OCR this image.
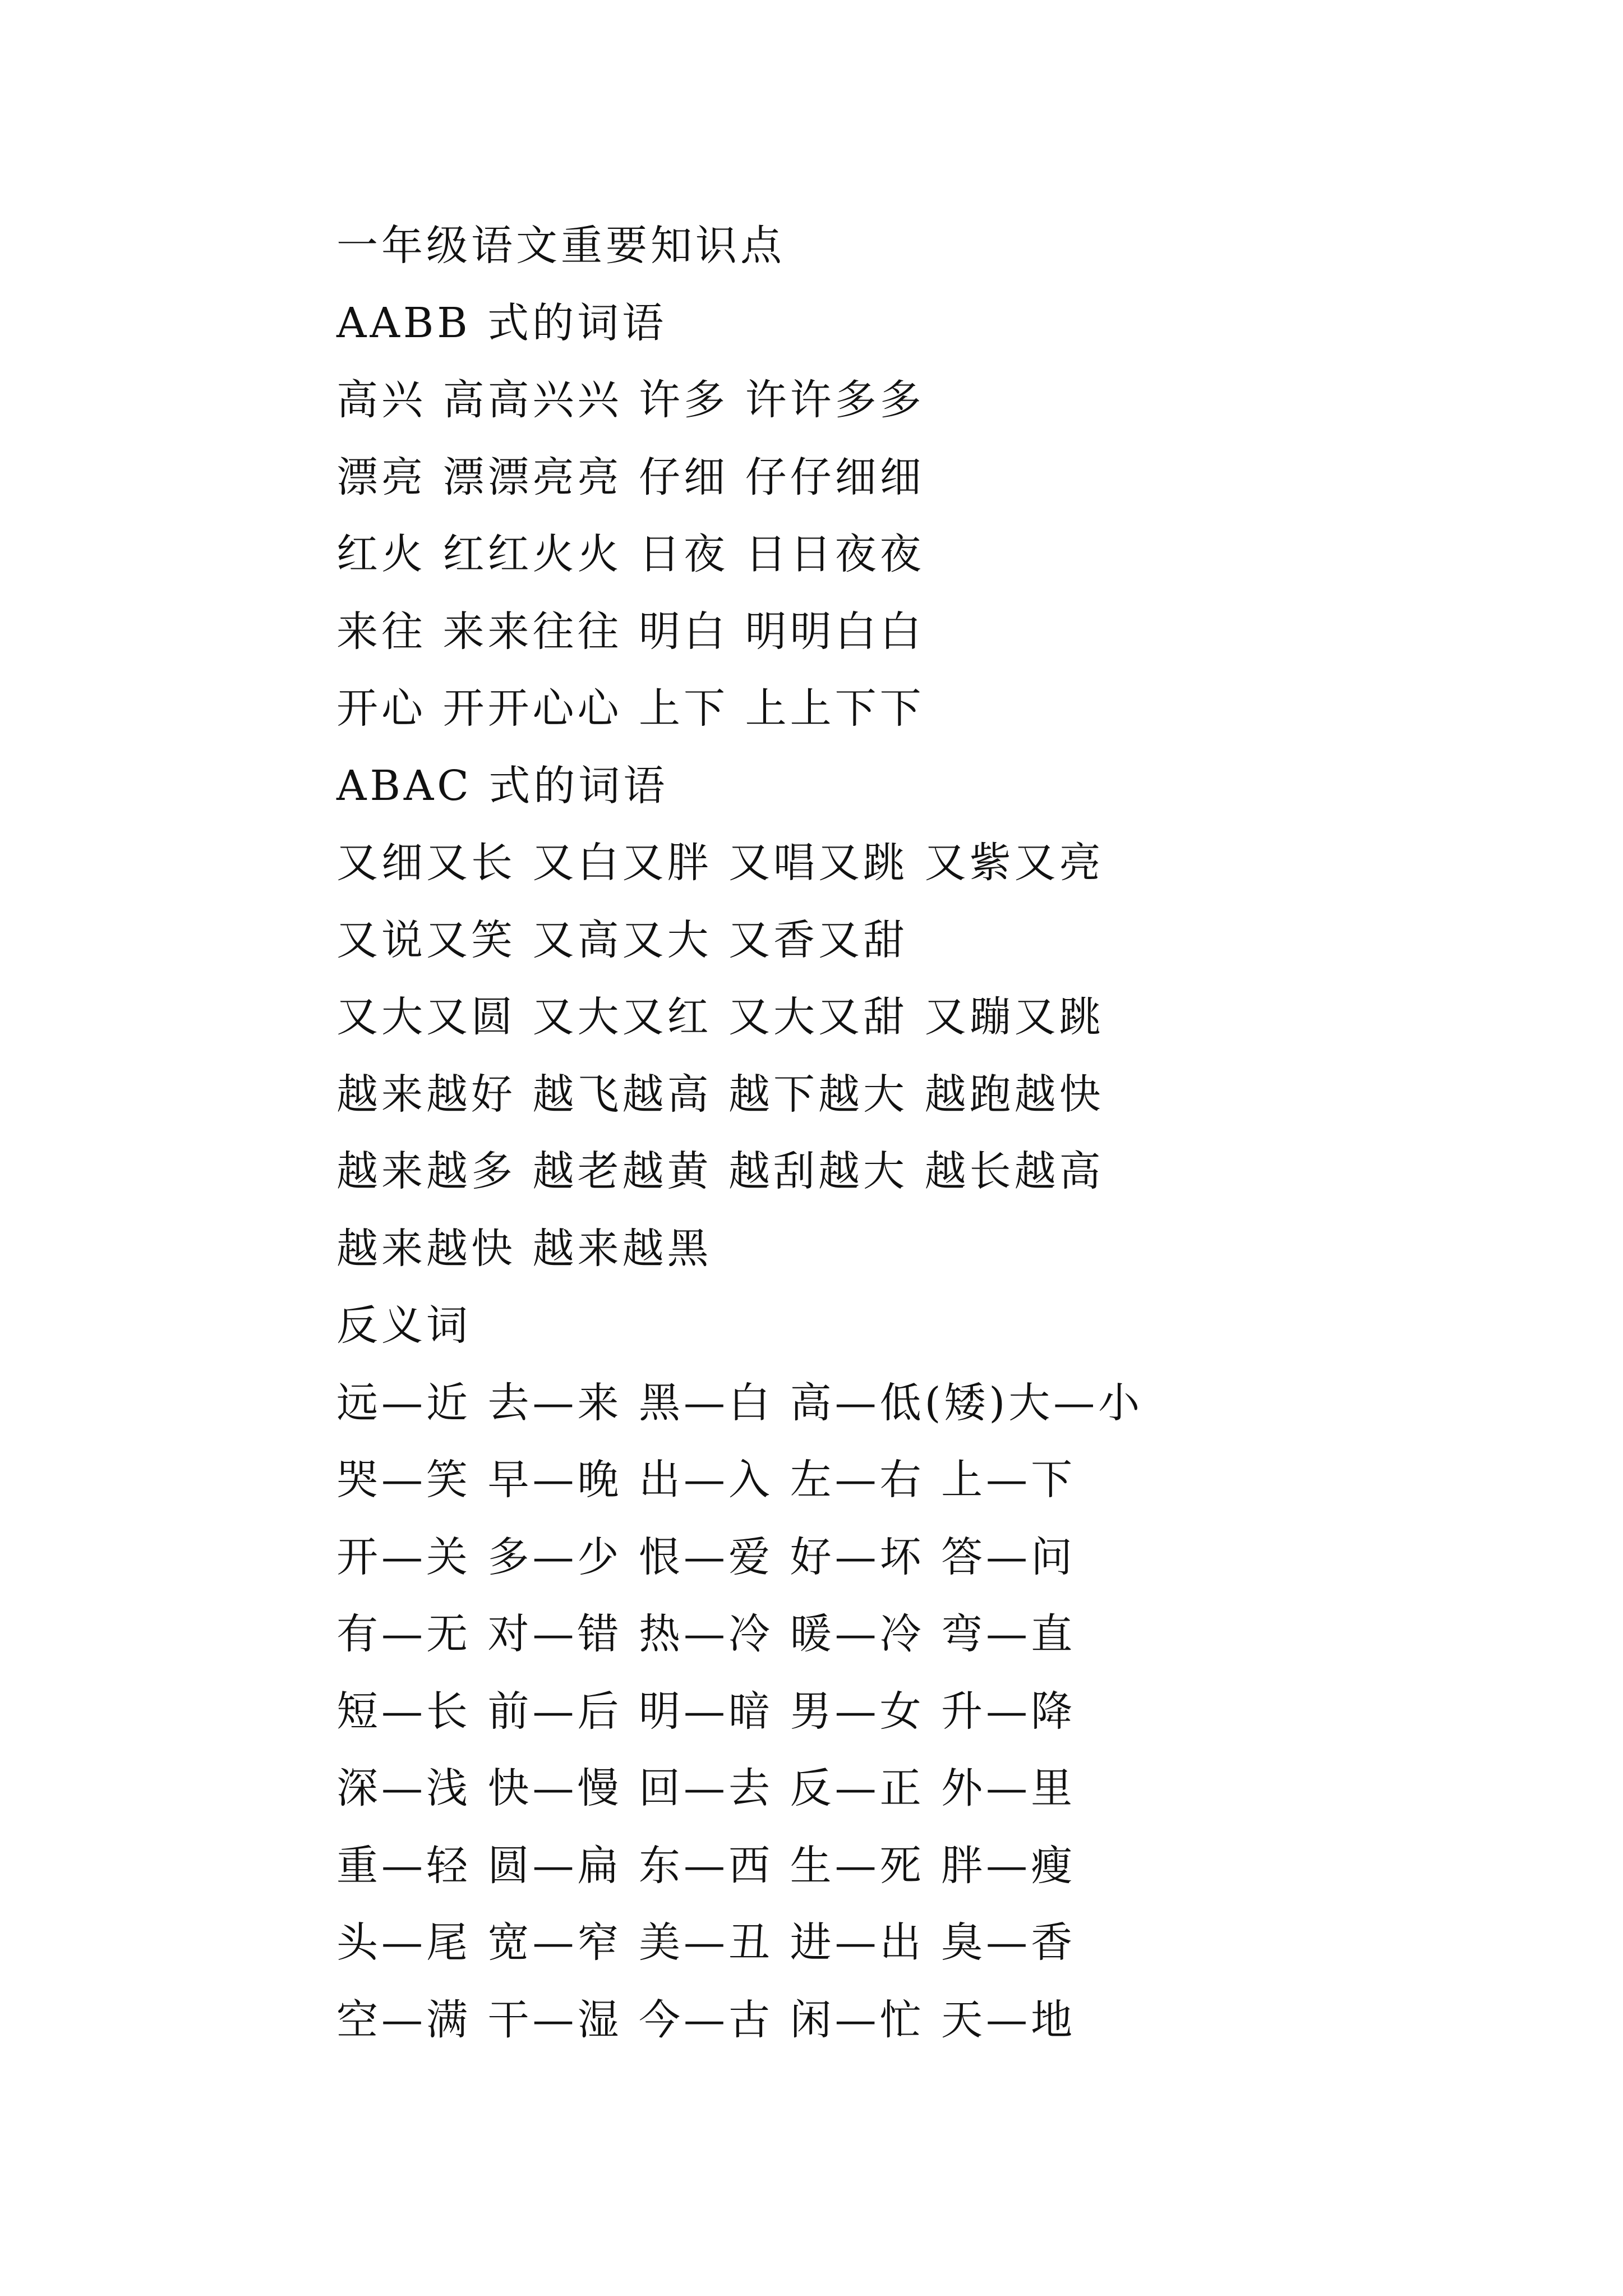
一年级语文重要知识点
AABB 式的词语
高兴 高高兴兴 许多 许许多多
漂亮 漂漂亮亮 仔细 仔仔细细
红火 红红火火 日夜 日日夜夜
来往 来来往往 明白 明明白白
开心 开开心心 上下 上上下下
ABAC 式的词语
又细又长 又白又胖 又唱又跳 又紫又亮
又说又笑 又高又大 又香又甜
又大又圆 又大又红 又大又甜 又蹦又跳
越来越好 越飞越高 越下越大 越跑越快
越来越多 越老越黄 越刮越大 越长越高
越来越快 越来越黑
反义词
远—近 去—来 黑—白 高—低(矮)大—小
哭—笑 早—晚 出—入 左—右 上—下
开—关 多—少 恨—爱 好—坏 答—问
有—无 对—错 热—冷 暖—冷 弯—直
短—长 前—后 明—暗 男—女 升—降
深—浅 快—慢 回—去 反—正 外—里
重—轻 圆—扁 东—西 生—死 胖—瘦
头—尾 宽—窄 美—丑 进—出 臭—香
空—满 干—湿 今—古 闲—忙 天—地
